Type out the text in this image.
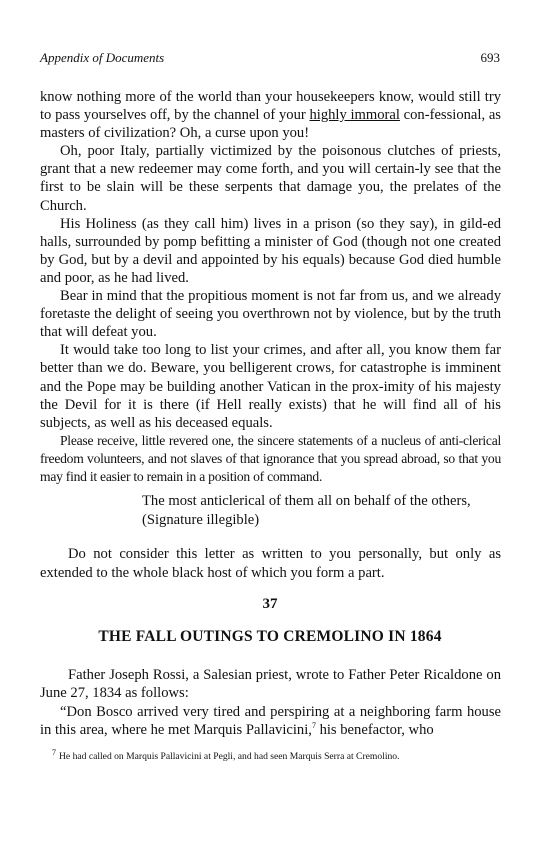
Appendix of Documents	693

know nothing more of the world than your housekeepers know, would still try to pass yourselves off, by the channel of your highly immoral con-fessional, as masters of civilization? Oh, a curse upon you!

Oh, poor Italy, partially victimized by the poisonous clutches of priests, grant that a new redeemer may come forth, and you will certain-ly see that the first to be slain will be these serpents that damage you, the prelates of the Church.

His Holiness (as they call him) lives in a prison (so they say), in gild-ed halls, surrounded by pomp befitting a minister of God (though not one created by God, but by a devil and appointed by his equals) because God died humble and poor, as he had lived.

Bear in mind that the propitious moment is not far from us, and we already foretaste the delight of seeing you overthrown not by violence, but by the truth that will defeat you.

It would take too long to list your crimes, and after all, you know them far better than we do. Beware, you belligerent crows, for catastrophe is imminent and the Pope may be building another Vatican in the prox-imity of his majesty the Devil for it is there (if Hell really exists) that he will find all of his subjects, as well as his deceased equals.

Please receive, little revered one, the sincere statements of a nucleus of anti-clerical freedom volunteers, and not slaves of that ignorance that you spread abroad, so that you may find it easier to remain in a position of command.

The most anticlerical of them all on behalf of the others,

(Signature illegible)

Do not consider this letter as written to you personally, but only as extended to the whole black host of which you form a part.

37
THE FALL OUTINGS TO CREMOLINO IN 1864

Father Joseph Rossi, a Salesian priest, wrote to Father Peter Ricaldone on June 27, 1834 as follows:

“Don Bosco arrived very tired and perspiring at a neighboring farm house in this area, where he met Marquis Pallavicini,$^7$ his benefactor, who

$^7$ He had called on Marquis Pallavicini at Pegli, and had seen Marquis Serra at Cremolino.
